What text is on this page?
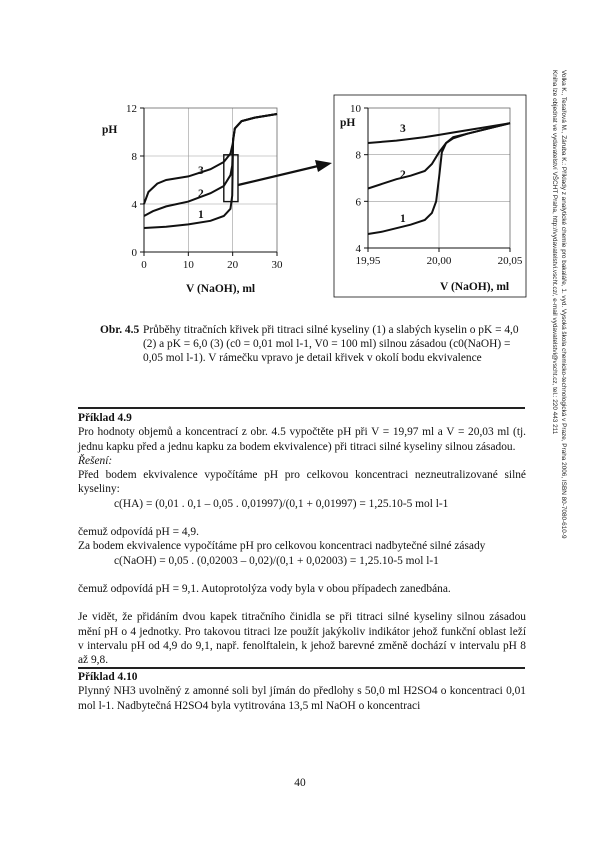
Volka K., Tesařová M., Záruba K.: Příklady z analytické chemie pro bakaláře, 1. vyd. Vysoká škola chemicko-technologická v Praze, Praha 2006, ISBN 80-7080-610-9
Kniha lze objednat ve vydavatelství VŠCHT Praha, http://vydavatelstvi.vscht.cz/, e-mail vydavatelstvi@vscht.cz, tel.: 220 443 211
0	10	20	30
0
4
8
12
pH
V (NaOH), ml
1
2
3
19,95	20,00	20,05
4
6
8
10
pH
V (NaOH), ml
1
2
3
Obr. 4.5 Průběhy titračních křivek při titraci silné kyseliny (1) a slabých kyselin o pK = 4,0 (2) a pK = 6,0 (3) (c0 = 0,01 mol l-1, V0 = 100 ml) silnou zásadou (c0(NaOH) = 0,05 mol l-1). V rámečku vpravo je detail křivek v okolí bodu ekvivalence

Příklad 4.9

Pro hodnoty objemů a koncentrací z obr. 4.5 vypočtěte pH při V = 19,97 ml a V = 20,03 ml (tj. jednu kapku před a jednu kapku za bodem ekvivalence) při titraci silné kyseliny silnou zásadou.

Řešení:

Před bodem ekvivalence vypočítáme pH pro celkovou koncentraci nezneutralizované silné kyseliny:

c(HA) = (0,01 . 0,1 – 0,05 . 0,01997)/(0,1 + 0,01997) = 1,25.10-5 mol l-1

čemuž odpovídá pH = 4,9.

Za bodem ekvivalence vypočítáme pH pro celkovou koncentraci nadbytečné silné zásady

c(NaOH) = 0,05 . (0,02003 – 0,02)/(0,1 + 0,02003) = 1,25.10-5 mol l-1

čemuž odpovídá pH = 9,1. Autoprotolýza vody byla v obou případech zanedbána.

Je vidět, že přidáním dvou kapek titračního činidla se při titraci silné kyseliny silnou zásadou mění pH o 4 jednotky. Pro takovou titraci lze použít jakýkoliv indikátor jehož funkční oblast leží v intervalu pH od 4,9 do 9,1, např. fenolftalein, k jehož barevné změně dochází v intervalu pH 8 až 9,8.

Příklad 4.10

Plynný NH3 uvolněný z amonné soli byl jímán do předlohy s 50,0 ml H2SO4 o koncentraci 0,01 mol l-1. Nadbytečná H2SO4 byla vytitrována 13,5 ml NaOH o koncentraci

40
